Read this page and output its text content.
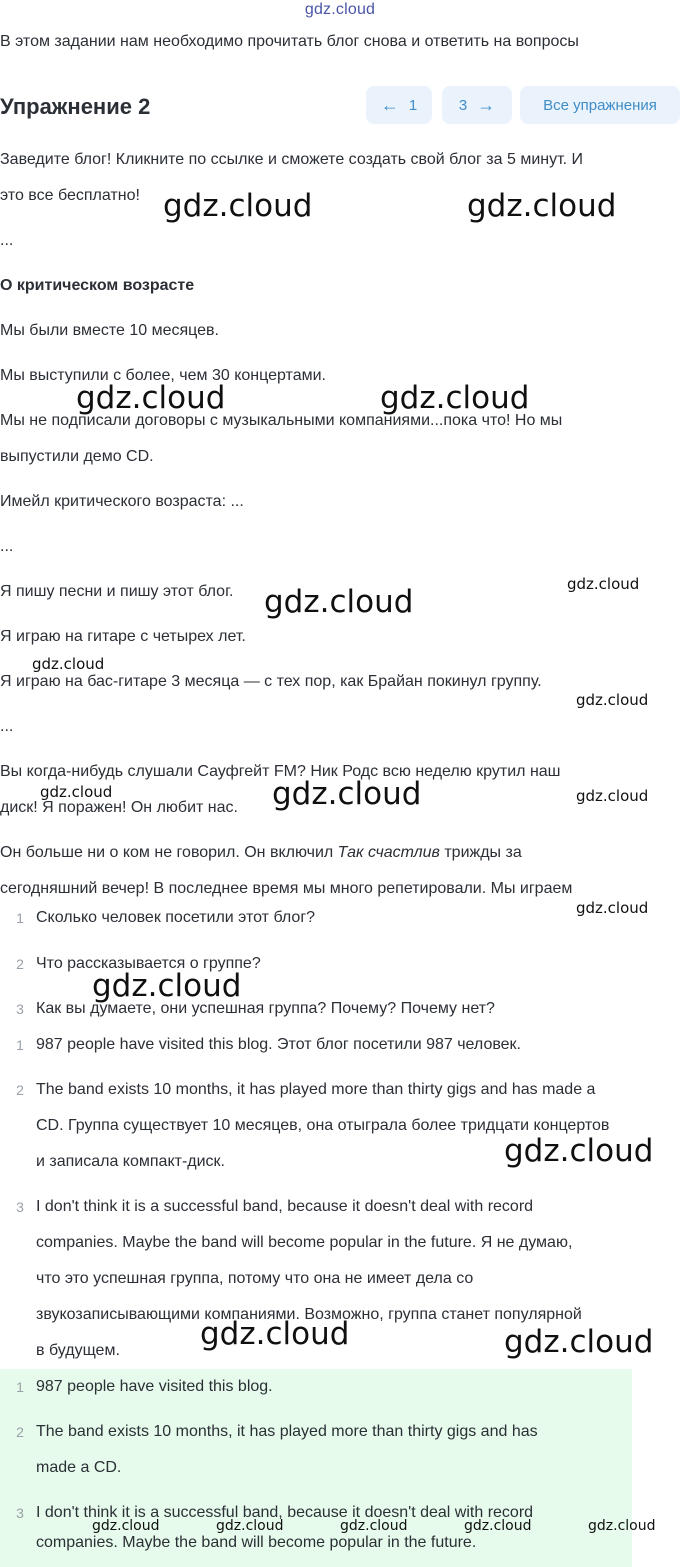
gdz.cloud
В этом задании нам необходимо прочитать блог снова и ответить на вопросы
Упражнение 2	← 1	3 →	Все упражнения
Заведите блог! Кликните по ссылке и сможете создать свой блог за 5 минут. И
это все бесплатно!
...
О критическом возрасте
Мы были вместе 10 месяцев.
Мы выступили с более, чем 30 концертами.
Мы не подписали договоры с музыкальными компаниями...пока что! Но мы
выпустили демо CD.
Имейл критического возраста: ...
...
Я пишу песни и пишу этот блог.
Я играю на гитаре с четырех лет.
Я играю на бас-гитаре 3 месяца — с тех пор, как Брайан покинул группу.
...
Вы когда-нибудь слушали Сауфгейт FM? Ник Родс всю неделю крутил наш
диск! Я поражен! Он любит нас.
Он больше ни о ком не говорил. Он включил Так счастлив трижды за
сегодняшний вечер! В последнее время мы много репетировали. Мы играем
1 Сколько человек посетили этот блог?
2 Что рассказывается о группе?
3 Как вы думаете, они успешная группа? Почему? Почему нет?
1 987 people have visited this blog. Этот блог посетили 987 человек.
2 The band exists 10 months, it has played more than thirty gigs and has made a
CD. Группа существует 10 месяцев, она отыграла более тридцати концертов
и записала компакт-диск.
3 I don't think it is a successful band, because it doesn't deal with record
companies. Maybe the band will become popular in the future. Я не думаю,
что это успешная группа, потому что она не имеет дела со
звукозаписывающими компаниями. Возможно, группа станет популярной
в будущем.
1 987 people have visited this blog.
2 The band exists 10 months, it has played more than thirty gigs and has
made a CD.
3 I don't think it is a successful band, because it doesn't deal with record
companies. Maybe the band will become popular in the future.
gdz.cloud	gdz.cloud
gdz.cloud	gdz.cloud
gdz.cloud
gdz.cloud
gdz.cloud
gdz.cloud
gdz.cloud	gdz.cloud	gdz.cloud
gdz.cloud
gdz.cloud
gdz.cloud
gdz.cloud	gdz.cloud
gdz.cloud	gdz.cloud	gdz.cloud	gdz.cloud	gdz.cloud
